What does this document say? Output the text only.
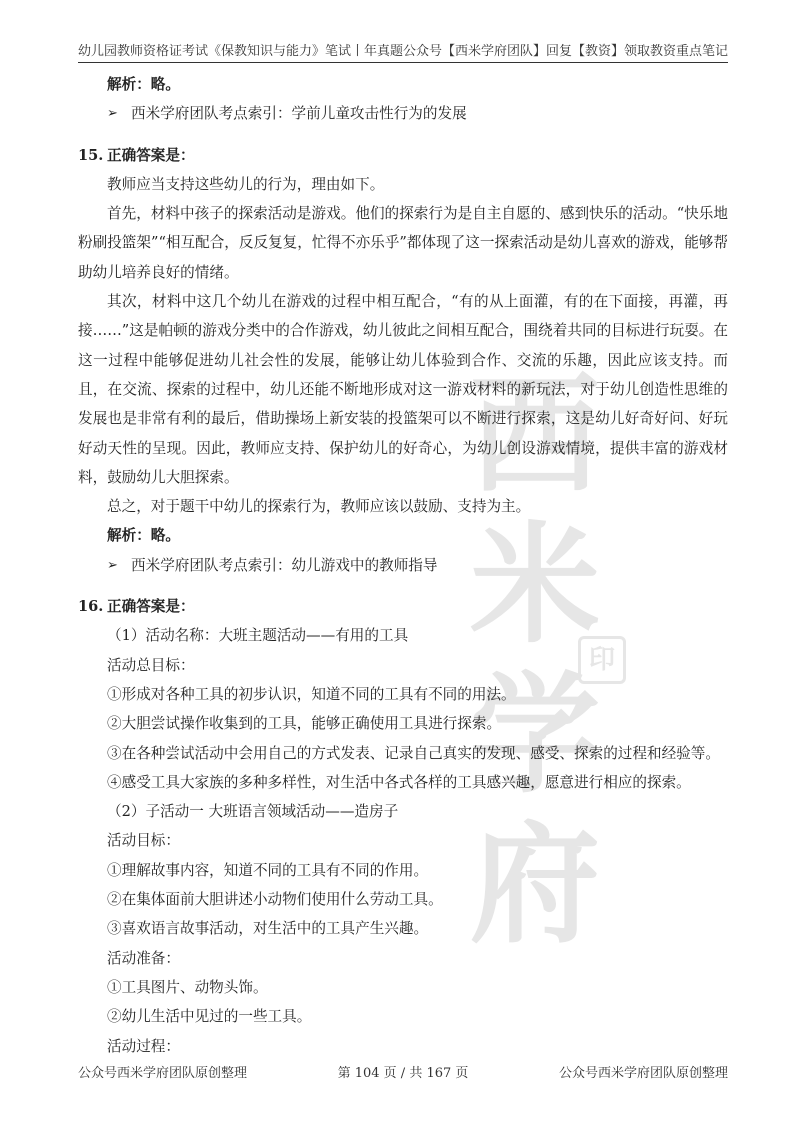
幼儿园教师资格证考试《保教知识与能力》笔试丨年真题 公众号【西米学府团队】回复【教资】领取教资重点笔记
西米
学府
印

解析：略。

➢ 西米学府团队考点索引：学前儿童攻击性行为的发展

15. 正确答案是：

教师应当支持这些幼儿的行为，理由如下。

首先，材料中孩子的探索活动是游戏。他们的探索行为是自主自愿的、感到快乐的活动。“快乐地粉刷投篮架”“相互配合，反反复复，忙得不亦乐乎”都体现了这一探索活动是幼儿喜欢的游戏，能够帮助幼儿培养良好的情绪。

其次，材料中这几个幼儿在游戏的过程中相互配合，“有的从上面灌，有的在下面接，再灌，再接……”这是帕顿的游戏分类中的合作游戏，幼儿彼此之间相互配合，围绕着共同的目标进行玩耍。在这一过程中能够促进幼儿社会性的发展，能够让幼儿体验到合作、交流的乐趣，因此应该支持。而且，在交流、探索的过程中，幼儿还能不断地形成对这一游戏材料的新玩法，对于幼儿创造性思维的发展也是非常有利的最后，借助操场上新安装的投篮架可以不断进行探索，这是幼儿好奇好问、好玩好动天性的呈现。因此，教师应支持、保护幼儿的好奇心，为幼儿创设游戏情境，提供丰富的游戏材料，鼓励幼儿大胆探索。

总之，对于题干中幼儿的探索行为，教师应该以鼓励、支持为主。

解析：略。

➢ 西米学府团队考点索引：幼儿游戏中的教师指导

16. 正确答案是：

（1）活动名称：大班主题活动——有用的工具

活动总目标：

①形成对各种工具的初步认识，知道不同的工具有不同的用法。

②大胆尝试操作收集到的工具，能够正确使用工具进行探索。

③在各种尝试活动中会用自己的方式发表、记录自己真实的发现、感受、探索的过程和经验等。

④感受工具大家族的多种多样性，对生活中各式各样的工具感兴趣，愿意进行相应的探索。

（2）子活动一 大班语言领域活动——造房子

活动目标：

①理解故事内容，知道不同的工具有不同的作用。

②在集体面前大胆讲述小动物们使用什么劳动工具。

③喜欢语言故事活动，对生活中的工具产生兴趣。

活动准备：

①工具图片、动物头饰。

②幼儿生活中见过的一些工具。

活动过程：

公众号西米学府团队原创整理	第 104 页 / 共 167 页	公众号西米学府团队原创整理
